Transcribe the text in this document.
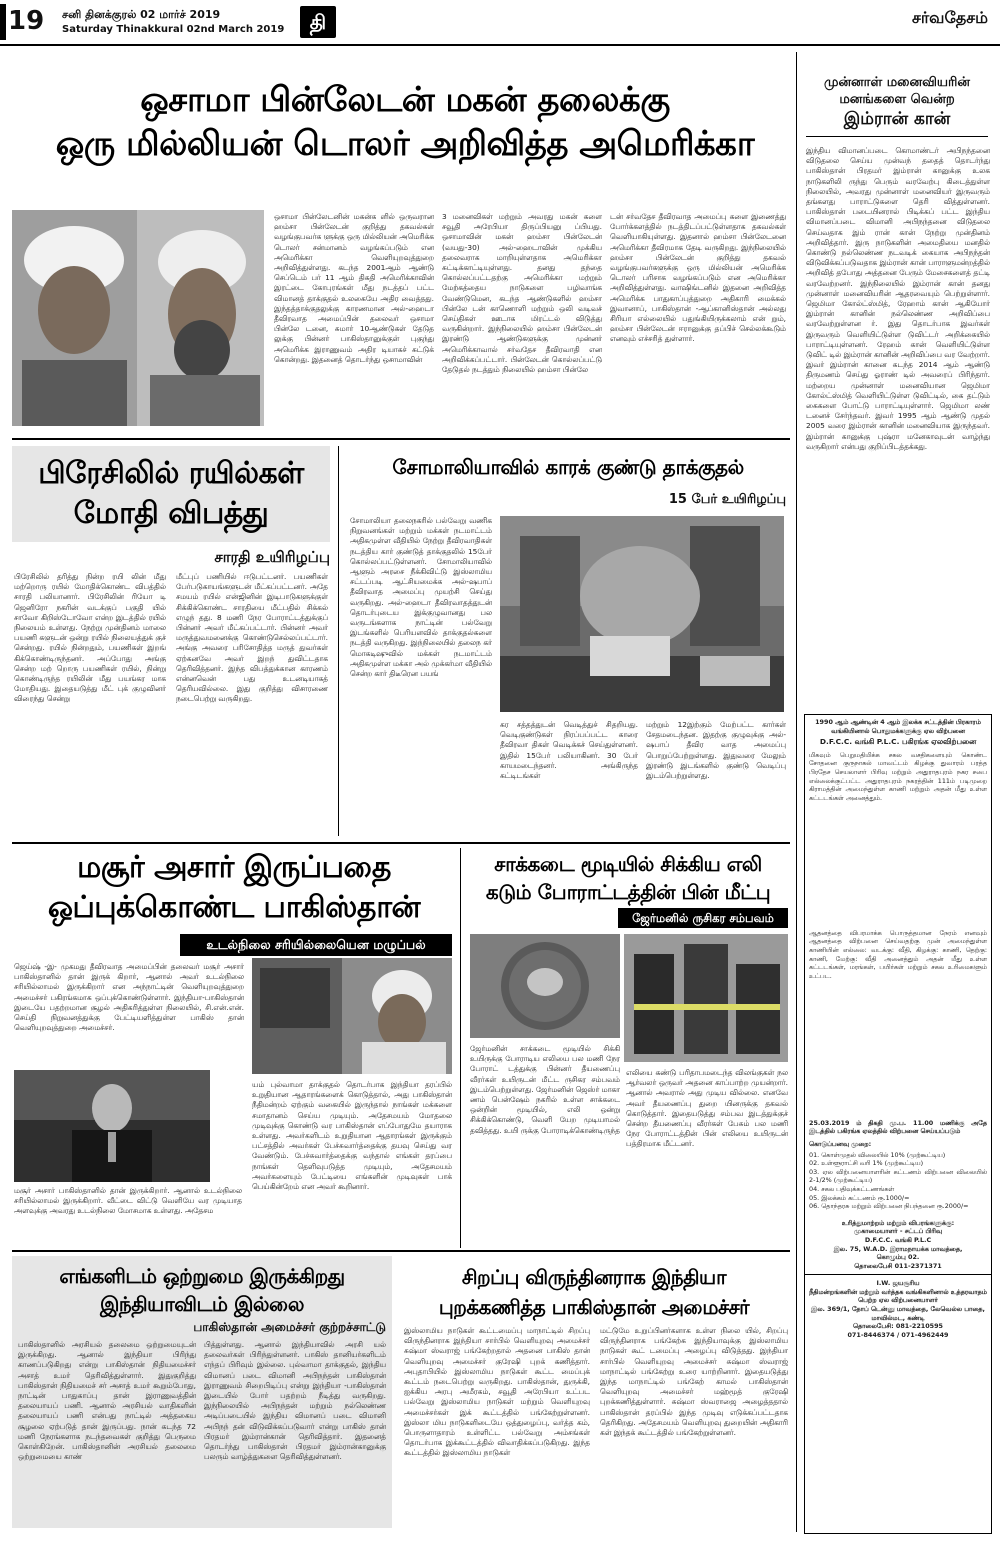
19 சனி தினக்குரல் 02 மார்ச் 2019
Saturday Thinakkural 02nd March 2019	தி	சர்வதேசம்
ஒசாமா பின்லேடன் மகன் தலைக்கு
ஒரு மில்லியன் டொலர் அறிவித்த அமெரிக்கா
ஒசாமா பின்லேடனின் மகன்க ளில் ஒருவரான ஹம்சா பின்லேடன் குறித்து தகவல்கள் வழங்குபவர்க ளுக்கு ஒரு மில்லியன் அமெரிக்க டொலர் சன்மானம் வழங்கப்படும் என அமெரிக்கா வெளியுறவுத்துறை அறிவித்துள்ளது. கடந்த 2001ஆம் ஆண்டு செப்டெம் பர் 11 ஆம் திகதி அமெரிக்காவின் இரட்டை கோபுரங்கள் மீது நடத்தப் பட்ட விமானத் தாக்குதல் உலகையே அதிர வைத்தது. இந்தத்தாக்குதலுக்கு காரணமான அல்-ஹைடா தீவிரவாத அமைப்பின் தலைவர் ஒசாமா பின்லே டனை, சுமார் 10ஆண்டுகள் தேடுத லுக்கு பின்னர் பாகிஸ்தானுக்குள் புகுந்து அமெரிக்க இராணுவம் அதிர டியாகச் சுட்டுக் கொன்றது. இதனைத் தொடர்ந்து ஒசாமாவின்
3 மனைவிகள் மற்றும் அவரது மகன் களை சவூதி அரேபியா திருப்பியனு ப்பியது. ஒசாமாவின் மகன் ஹம்சா பின்லேடன் (வயது-30) அல்-ஹைடாவின் முக்கிய தலைவராக மாறியுள்ளதாக அமெரிக்கா சுட்டிக்காட்டியுள்ளது. தனது தந்தை கொல்லப்பட்டதற்கு அமெரிக்கா மற்றும் மேற்கத்தைய நாடுகளை பழிவாங்க வேண்டுமென, கடந்த ஆண்டுகளில் ஹம்சா பின்லே டன் காணொளி மற்றும் ஒலி வடிவச் செய்திகள் ஊடாக மிரட்டல் விடுத்து வருகின்றார். இந்நிலையில் ஹம்சா பின்லேடன் இரண்டு ஆண்டுகளுக்கு முன்னர் அமெரிக்காவால் சர்வதேச தீவிரவாதி என அறிவிக்கப்பட்டார். பின்லேடன் கொல்லப்பட்டு தேடுதல் நடத்தும் நிலையில் ஹம்சா பின்லே
டன் சர்வதேச தீவிரவாத அமைப்பு களை இணைத்து போர்க்களத்தில் நடத்திடப்பட்டுள்ளதாக தகவல்கள் வெளியாகியுள்ளது. இதனால் ஹம்சா பின்லேடனை அமெரிக்கா தீவிரமாக தேடி வருகிறது. இந்நிலையில் ஹம்சா பின்லேடன் குறித்து தகவல் வழங்குபவர்களுக்கு ஒரு மில்லியன் அமெரிக்க டொலர் பரிசாக வழங்கப்படும் என அமெரிக்கா அறிவித்துள்ளது. வாஷிங்டனில் இதனை அறிவித்த அமெரிக்க பாதுகாப்புத்துறை அதிகாரி மைக்கல் இவானாப், பாகிஸ்தான் -ஆப்கானிஸ்தான் அல்லது சிரியா எல்லையில் பதுங்கியிருக்கலாம் என் றும், ஹம்சா பின்லேடன் ஈரானுக்கு தப்பிச் செல்லக்கூடும் எனவும் எச்சரித் துள்ளார்.
பிரேசிலில் ரயில்கள்
மோதி விபத்து
சாரதி உயிரிழப்பு
பிரேசிலில் தரித்து நின்ற ரயி லின் மீது மற்றொரு ரயில் மோதிக்கொண்ட விபத்தில் சாரதி பலியானார். பிரேசிலின் ரியோ டி ஜெனிரோ நகரின் வடக்குப் பகுதி யில் சாவோ கிறிஸ்டோவோ என்ற இடத்தில் ரயில் நிலையம் உள்ளது. நேற்று முன்தினம் மாலை பயணி களுடன் ஒன்று ரயில் நிலையத்துக் குச் சென்றது. ரயில் நின்றதும், பயணிகள் இறங் கிக்கொண்டிருந்தனர். அப்போது அங்கு சென்ற மற் றொரு பயணிகள் ரயில், நின்று கொண்டிருந்த ரயிலின் மீது பயங்கர மாக மோதியது. இதையடுத்து மீட் புக் குழுவினர் விரைந்து சென்று
மீட்புப் பணியில் ஈடுபட்டனர். பயணிகள் பேர்படுகாயங்களுடன் மீட்கப்பட்டனர். அதே சமயம் ரயில் என்ஜினின் இடிபாடுகளுக்குள் சிக்கிக்கொண்ட சாரதியை மீட்பதில் சிக்கல் எழுந் தது. 8 மணி நேர போராட்டத்துக்குப் பின்னர் அவர் மீட்கப்பட்டார். பின்னர் அவர் மருத்துவமனைக்கு கொண்டுசெல்லப்பட்டார். அங்கு அவரை பரிசோதித்த மருத் துவர்கள் ஏற்கனவே அவர் இறந் துவிட்டதாக தெரிவித்தனர். இந்த விபத்துக்கான காரணம் என்னவென் பது உடனடியாகத் தெரியவில்லை. இது குறித்து விசாரணை நடைபெற்று வருகிறது.
சோமாலியாவில் காரக் குண்டு தாக்குதல்
15 பேர் உயிரிழப்பு
சோமாலியா தலைநகரில் பல்வேறு வணிக நிறுவனங்கள் மற்றும் மக்கள் நடமாட்டம் அதிகமுள்ள வீதியில் நேற்று தீவிரவாதிகள் நடத்திய கார் குண்டுத் தாக்குதலில் 15பேர் கொல்லப்பட்டுள்ளனர். சோமாலியாவில் ஆளும் அரசை நீக்கிவிட்டு இஸ்லாமிய சட்டப்படி ஆட்சியமைக்க அல்-ஷபாப் தீவிரவாத அமைப்பு முயற்சி செய்து வருகிறது. அல்-ஹைடா தீவிரவாதத்துடன் தொடர்புடைய இக்குழுவானது பல வருடங்களாக நாட்டின் பல்வேறு இடங்களில் பெரியளவில் தாக்குதல்களை நடத்தி வருகிறது. இந்நிலையில் தலைந கர் மொகடிஷுவில் மக்கள் நடமாட்டம் அதிகமுள்ள மக்கா அல் முக்கர்மா வீதியில் சென்ற கார் திடீரென பயங்
கர சத்தத்துடன் வெடித்துச் சிதறியது. வெடிகுண்டுகள் நிரப்பப்பட்ட காரை தீவிரவா திகள் வெடிக்கச் செய்துள்ளனர். இதில் 15பேர் பலியாகினர். 30 பேர் காயமடைந்தனர். அங்கிருந்த கட்டிடங்கள்
மற்றும் 12இற்கும் மேற்பட்ட கார்கள் சேதமடைந்தன. இதற்கு குழுவுக்கு அல்-ஷபாப் தீவிர வாத அமைப்பு பொறுப்பேற்றுள்ளது. இதுவரை மேலும் இரண்டு இடங்களில் குண்டு வெடிப்பு இடம்பெற்றுள்ளது.
மசூர் அசார் இருப்பதை
ஒப்புக்கொண்ட பாகிஸ்தான்
உடல்நிலை சரியில்லையென மழுப்பல்
ஜெய்ஷ் -இ- முகமது தீவிரவாத அமைப்பின் தலைவர் மசூர் அசார் பாகிஸ்தானில் தான் இருக் கிறார், ஆனால் அவர் உடல்நிலை சரியில்லாமல் இருக்கிறார் என அந்நாட்டின் வெளியுறவுத்துறை அமைச்சர் பகிரங்கமாக ஒப்புக்கொண்டுள்ளார். இந்தியா-பாகிஸ்தான் இடையே பதற்றமான சூழல் அதிகரித்துள்ள நிலையில், சி.என்.என். செய்தி நிறுவனத்துக்கு பேட்டியளித்துள்ள பாகிஸ் தான் வெளியுறவுத்துறை அமைச்சர்.
மசூர் அசார் பாகிஸ்தானில் தான் இருக்கிறார். ஆனால் உடல்நிலை சரியில்லாமல் இருக்கிறார். வீட்டை விட்டு வெளியே வர முடியாத அளவுக்கு அவரது உடல்நிலை மோசமாக உள்ளது. அதேசம
யம் புல்வாமா தாக்குதல் தொடர்பாக இந்தியா தரப்பில் உறுதியான ஆதாரங்களைக் கொடுத்தால், அது பாகிஸ்தான் நீதிமன்றம் ஏற்கும் வகையில் இருந்தால் நாங்கள் மக்களை சமாதானம் செய்ய முடியும். அதேசமயம் மோதலை முடிவுக்கு கொண்டு வர பாகிஸ்தான் எப்போதுமே தயாராக உள்ளது. அவர்களிடம் உறுதியான ஆதாரங்கள் இருக்கும் பட்சத்தில் அவர்கள் பேச்சுவார்த்தைக்கு தயவு செய்து வர வேண்டும். பேச்சுவார்த்தைக்கு வந்தால் எங்கள் தரப்பை நாங்கள் தெளிவுபடுத்த முடியும், அதேசமயம் அவர்களையும் பேட்டியை எங்களின் முடிவுகள் பாக் பெய்கின்றேம் என அவர் கூறினார்.
சாக்கடை மூடியில் சிக்கிய எலி
கடும் போராட்டத்தின் பின் மீட்பு
ஜேர்மனில் ருசிகர சம்பவம்
ஜேர்மனின் சாக்கடை மூடியில் சிக்கி உயிருக்கு போராடிய எலியை பல மணி நேர போராட் டத்துக்கு பின்னர் தீயணைப்பு வீரர்கள் உயிருடன் மீட்ட ருசிகர சம்பவம் இடம்பெற்றுள்ளது. ஜேர்மனின் ஜெஸ்ர் மாகா ணம் பென்ஷேம் நகரில் உள்ள சாக்கடை ஒன்றின் மூடியில், எலி ஒன்று சிக்கிக்கொண்டு, வெளி யேற முடியாமல் தவித்தது. உயி ருக்கு போராடிக்கொண்டிருந்த
எலியை கண்டு பரிதாபமடைந்த விலங்குகள் நல ஆர்வலர் ஒருவர் அதனை காப்பாற்ற முயன்றார். ஆனால் அவரால் அது முடிய வில்லை. எனவே அவர் தீயணைப்பு துறை யினருக்கு தகவல் கொடுத்தார். இதையடுத்து சம்பவ இடத்துக்குச் சென்ற தீயணைப்பு வீரர்கள் பேசும் பல மணி நேர போராட்டத்தின் பின் எலியை உயிருடன் பத்திரமாக மீட்டனர்.
எங்களிடம் ஒற்றுமை இருக்கிறது
இந்தியாவிடம் இல்லை
பாகிஸ்தான் அமைச்சர் குற்றச்சாட்டு
பாகிஸ்தானில் அரசியல் தலைமை ஒற்றுமையுடன் இருக்கிறது. ஆனால் இந்தியா பிரிந்து காணப்படுகிறது என்று பாகிஸ்தான் நிதியமைச்சர் அசாத் உமர் தெரிவித்துள்ளார். இதுகுறித்து பாகிஸ்தான் நிதியமைச் சர் அசாத் உமர் கூறும்போது, நாட்டின் பாதுகாப்பு தான் இராணுவத்தின் தலையாயப் பணி. ஆனால் அரசியல் வாதிகளின் தலையாயப் பணி என்பது நாட்டில் அத்தகைய சூழலை ஏற்படுத் தான் இருப்பது. நான் கடந்த 72 மணி நேரங்களாக நடந்தவைகள் குறித்து பெருமை கொள்கிறேன். பாகிஸ்தானின் அரசியல் தலைமை ஒற்றுமையை காண்
பித்துள்ளது. ஆனால் இந்தியாவில் அரசி யல் தலைவர்கள் பிரிந்துள்ளனர். பாகிஸ் தானியர்களிடம் எந்தப் பிரிவும் இல்லை. புல்வாமா தாக்குதல், இந்திய விமானப் படை விமானி அபிநந்தன் பாகிஸ்தான் இராணுவம் சிறைபிடிப்பு என்று இந்தியா -பாகிஸ்தான் இடையில் போர் பதற்றம் நீடித்து வருகிறது. இந்நிலையில் அபிநந்தன் மற்றும் நல்லெண்ண அடிப்படையில் இந்திய விமானப் படை விமானி அபிநந் தன் விடுவிக்கப்படுவார் என்று பாகிஸ் தான் பிரதமர் இம்ரான்கான் தெரிவித்தார். இதனைத் தொடர்ந்து பாகிஸ்தான் பிரதமர் இம்ரான்கானுக்கு பலரும் வாழ்த்துகளை தெரிவித்துள்ளனர்.
சிறப்பு விருந்தினராக இந்தியா
புறக்கணித்த பாகிஸ்தான் அமைச்சர்
இஸ்லாமிய நாடுகள் கூட்டமைப்பு மாநாட்டில் சிறப்பு விருந்தினராக இந்தியா சார்பில் வெளியுறவு அமைச்சர் சுஷ்மா ஸ்வராஜ் பங்கேற்றதால் அதனை பாகிஸ் தான் வெளியுறவு அமைச்சர் குரேஷி புறக் கணித்தார். அபுதாபியில் இஸ்லாமிய நாடுகள் கூட்ட மைப்புக் கூட்டம் நடைபெற்று வருகிறது. பாகிஸ்தான், துருக்கி, ஐக்கிய அரபு அமீரகம், சவூதி அரேபியா உட்பட பல்வேறு இஸ்லாமிய நாடுகள் மற்றும் வெளியுறவு அமைச்சர்கள் இக் கூட்டத்தில் பங்கேற்றுள்ளனர். இஸ்லா மிய நாடுகளிடையே ஒத்துழைப்பு, வர்த்த கம், பொருளாதாரம் உள்ளிட்ட பல்வேறு அம்சங்கள் தொடர்பாக இக்கூட்டத்தில் விவாதிக்கப்படுகிறது. இந்த கூட்டத்தில் இஸ்லாமிய நாடுகள்
மட்டுமே உறுப்பினர்களாக உள்ள நிலை யில், சிறப்பு விருந்தினராக பங்கேற்க இந்தியாவுக்கு இஸ்லாமிய நாடுகள் கூட் டமைப்பு அழைப்பு விடுத்தது. இந்தியா சார்பில் வெளியுறவு அமைச்சர் சுஷ்மா ஸ்வராஜ் மாநாட்டில் பங்கேற்று உரை யாற்றினார். இதையடுத்து இந்த மாநாட்டில் பங்கேற் காமல் பாகிஸ்தான் வெளியுறவு அமைச்சர் மஹ்மூத் குரேஷி புறக்கணித்துள்ளார். சுஷ்மா ஸ்வராஜை அழைத்ததால் பாகிஸ்தான் தரப்பில் இந்த முடிவு எடுக்கப்பட்டதாக தெரிகிறது. அதேசமயம் வெளியுறவு துறையின் அதிகாரி கள் இந்தக் கூட்டத்தில் பங்கேற்றுள்ளனர்.
முன்னாள் மனைவியரின்
மனங்களை வென்ற
இம்ரான் கான்
இந்திய விமானப்படை கொமாண்டர் அபிநந்தனை விடுதலை செய்ய முன்வந் ததைத் தொடர்ந்து பாகிஸ்தான் பிரதமர் இம்ரான் கானுக்கு உலக நாடுகளிலி ருந்து பெரும் வரவேற்பு கிடைத்துள்ள நிலையில், அவரது முன்னாள் மனைவியர் இருவரும் தங்களது பாராட்டுகளை தெரி வித்துள்ளனர். பாகிஸ்தான் படையினரால் பிடிக்கப் பட்ட இந்திய விமானப்படை விமானி அபிநந்தனை விடுதலை செய்வதாக இம் ரான் கான் நேற்று முன்தினம் அறிவித்தார். இரு நாடுகளின் அமைதியை மனதில் கொண்டு நல்லெண்ண நடவடிக் கையாக அபிநந்தன் விடுவிக்கப்படுவதாக இம்ரான் கான் பாராளுமன்றத்தில் அறிவித் தபோது அத்தனை பேரும் மேசைகளைத் தட்டி வரவேற்றனர். இந்நிலையில் இம்ரான் கான் தனது முன்னாள் மனைவியரின் ஆதரவையும் பெற்றுள்ளார். ஜெமிமா கோல்ட்ஸ்மித், ரேஹாம் கான் ஆகியோர் இம்ரான் கானின் நல்லெண்ண அறிவிப்பை வரவேற்றுள்ளன ர். இது தொடர்பாக இவர்கள் இருவரும் வெளியிட்டுள்ள டுவிட்டர் அறிக்கையில் பாராட்டியுள்ளனர். ரேஹம் கான் வெளியிட்டுள்ள டுவிட் டில் இம்ரான் கானின் அறிவிப்பை வர வேற்றார். இவர் இம்ரான் கானை கடந்த 2014 ஆம் ஆண்டு திருமணம் செய்து ஓராண் டில் அவரைப் பிரிந்தார். மற்றைய முன்னாள் மனைவியான ஜெமிமா கோல்ட்ஸ்மித் வெளியிட்டுள்ள டுவிட்டில், கை தட்டும் கைகளை போட்டு பாராட்டியுள்ளார். ஜெமிமா லண் டனைச் சேர்ந்தவர். இவர் 1995 ஆம் ஆண்டு முதல் 2005 வரை இம்ரான் கானின் மனைவியாக இருந்தவர். இம்ரான் கானுக்கு புஷ்ரா மனேகாவுடன் வாழ்ந்து வருகிறார் என்பது குறிப்பிடத்தக்கது.
1990 ஆம் ஆண்டின் 4 ஆம் இலக்க சட்டத்தின் பிரகாரம் வங்கியினால் பொதுமக்களுக்கு ஏல விற்பனை
D.F.C.C. வங்கி P.L.C. பகிரங்க ஏலவிற்பனை
மிகவும் பெறுமதிமிக்க சகல வசதிகளையும் கொண்ட சோதனை குருநாகல் மாவட்டம் கிழக்கு துவாரம் பரத்த பிரதேச செயலாளர் பிரிவு மற்றும் அதுராதபுரம் நகர சபை எல்லைக்குட்பட்ட அதுராதபுரம் நகரத்தின் 111ம் படிமுறை கிராமத்தின் அமைந்துள்ள காணி மற்றும் அதன் மீது உள்ள கட்டடங்கள் அனைத்தும்.
ஆதனத்தை விபரமாக்க பொருத்தமான நேரம் எனவும் ஆதனத்தை விற்பனை செய்வதற்கு முன் அமைந்துள்ள காணியின் எல்லை: வடக்கு: வீதி, கிழக்கு: காணி, தெற்கு: காணி, மேற்கு: வீதி அனைத்தும் அதன் மீது உள்ள கட்டடங்கள், மரங்கள், பயிர்கள் மற்றும் சகல உரிமைகளும் உட்பட.
25.03.2019 ம் திகதி மு.ப. 11.00 மணிக்கு அதே இடத்தில் பகிரங்க ஏலத்தில் விற்பனை செய்யப்படும்
கொடுப்பனவு முறை:
01. கொள்முதல் விலையில் 10% (முற்கூட்டிய)
02. உள்ளூராட்சி வரி 1% (முற்கூட்டிய)
03. ஏல விற்பனையாளரின் கட்டணம் விற்பனை விலையில் 2-1/2% (முற்கூட்டிய)
04. சகல பதிவுக்கட்டணங்கள்
05. இலக்கம் கட்டணம் ரூ.1000/=
06. தொந்தரசு மற்றும் விற்பனை நிபந்தனை ரூ.2000/=
உரித்துமாற்றம் மற்றும் விபரங்களுக்கு:
முகாமையாளர் - சட்டப் பிரிவு
D.F.C.C. வங்கி P.L.C
இல. 75, W.A.D. இராமநாயக்க மாவத்தை,
கொழும்பு 02.
தொலைபேசி 011-2371371
I.W. ஜயசூரிய
நீதிமன்றங்களின் மற்றும் வர்த்தக வங்கிகளினால் உத்தரவாதம் பெற்ற ஏல விற்பனையாளர்
இல. 369/1, தோப் டென்னு மாவத்தை, லேவெல்ல பாதை, மாவில்மட, கண்டி
தொலைபேசி: 081-2210595
071-8446374 / 071-4962449
